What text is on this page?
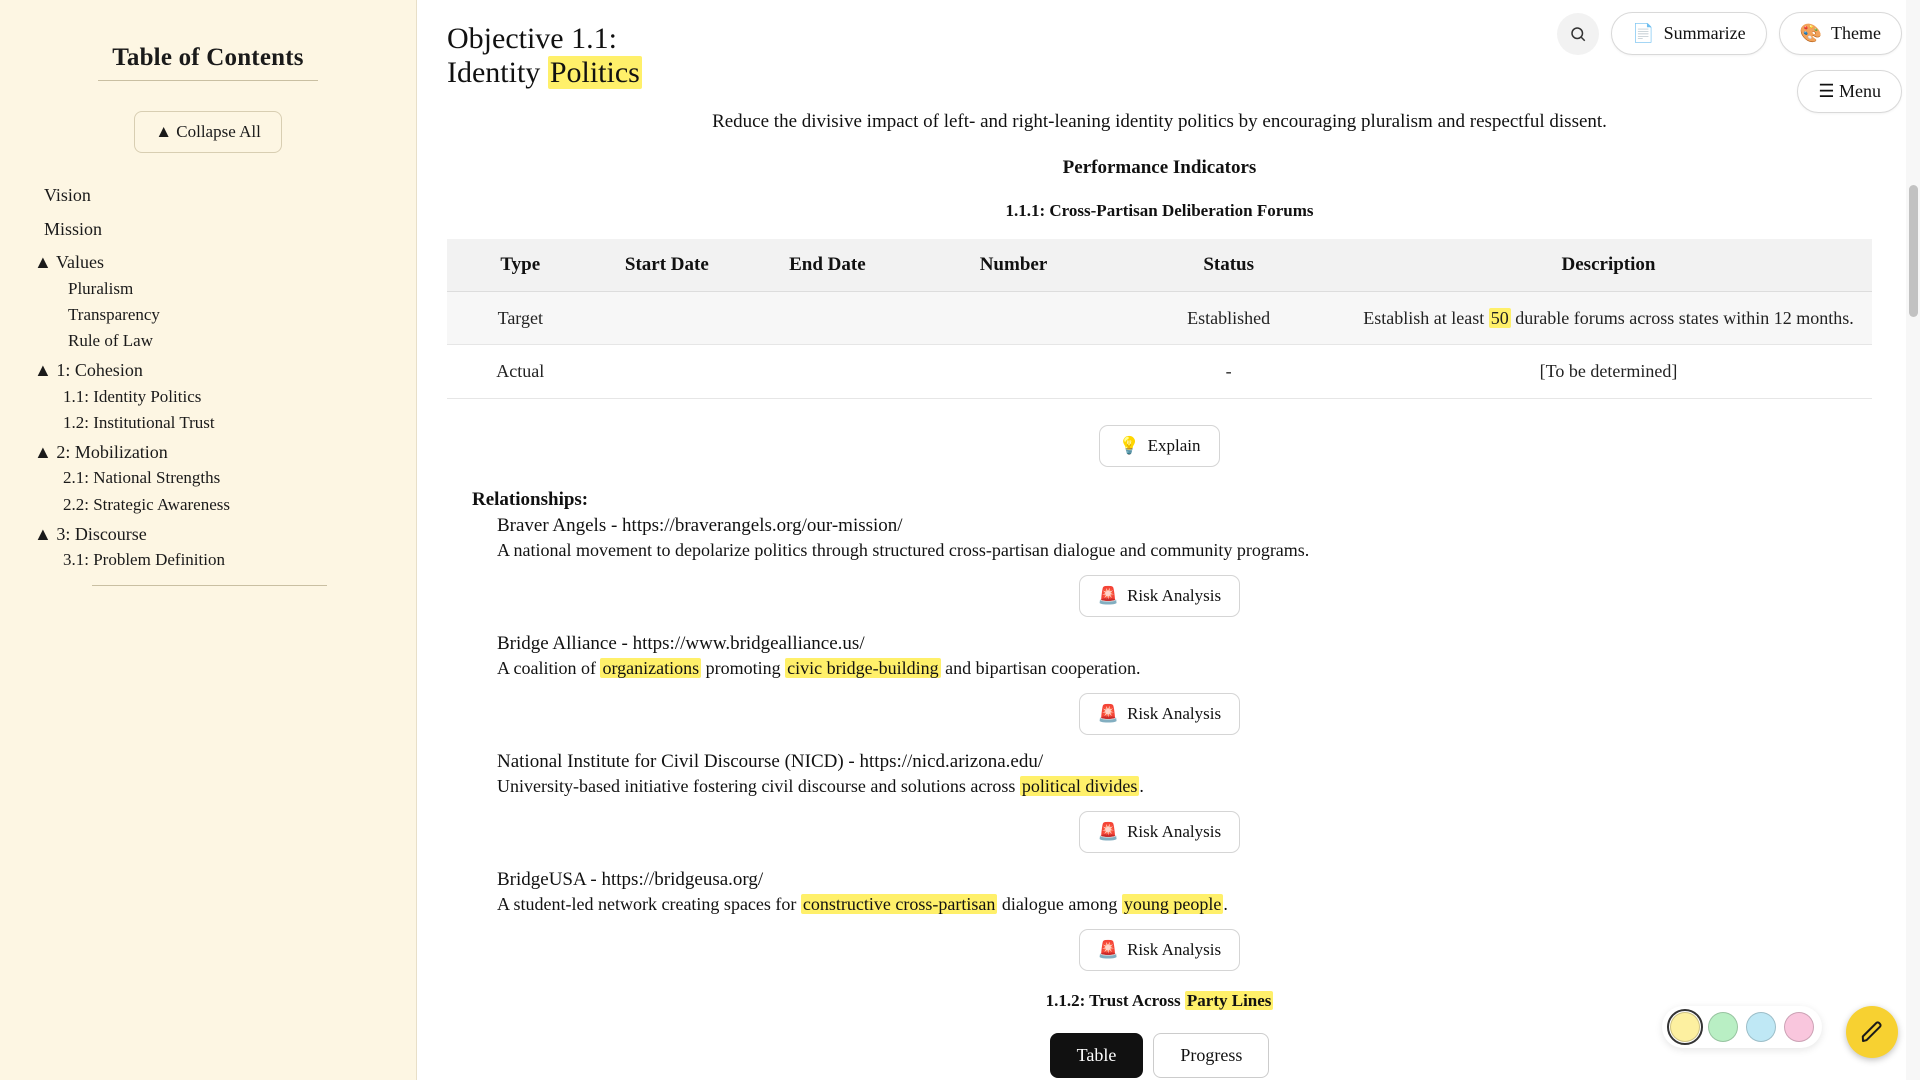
Table of Contents
▲ Collapse All
Vision
Mission
▲ Values
Pluralism
Transparency
Rule of Law
▲ 1: Cohesion
1.1: Identity Politics
1.2: Institutional Trust
▲ 2: Mobilization
2.1: National Strengths
2.2: Strategic Awareness
▲ 3: Discourse
3.1: Problem Definition
Objective 1.1:
Identity Politics
Reduce the divisive impact of left- and right-leaning identity politics by encouraging pluralism and respectful dissent.
Performance Indicators
1.1.1: Cross-Partisan Deliberation Forums
Type	Start Date	End Date	Number	Status	Description
Target				Established	Establish at least 50 durable forums across states within 12 months.
Actual				-	[To be determined]
💡 Explain
Relationships:
Braver Angels - https://braverangels.org/our-mission/
A national movement to depolarize politics through structured cross-partisan dialogue and community programs.
🚨 Risk Analysis
Bridge Alliance - https://www.bridgealliance.us/
A coalition of organizations promoting civic bridge-building and bipartisan cooperation.
🚨 Risk Analysis
National Institute for Civil Discourse (NICD) - https://nicd.arizona.edu/
University-based initiative fostering civil discourse and solutions across political divides .
🚨 Risk Analysis
BridgeUSA - https://bridgeusa.org/
A student-led network creating spaces for constructive cross-partisan dialogue among young people .
🚨 Risk Analysis
1.1.2: Trust Across Party Lines
Table	Progress
📄 Summarize	🎨 Theme
☰ Menu
